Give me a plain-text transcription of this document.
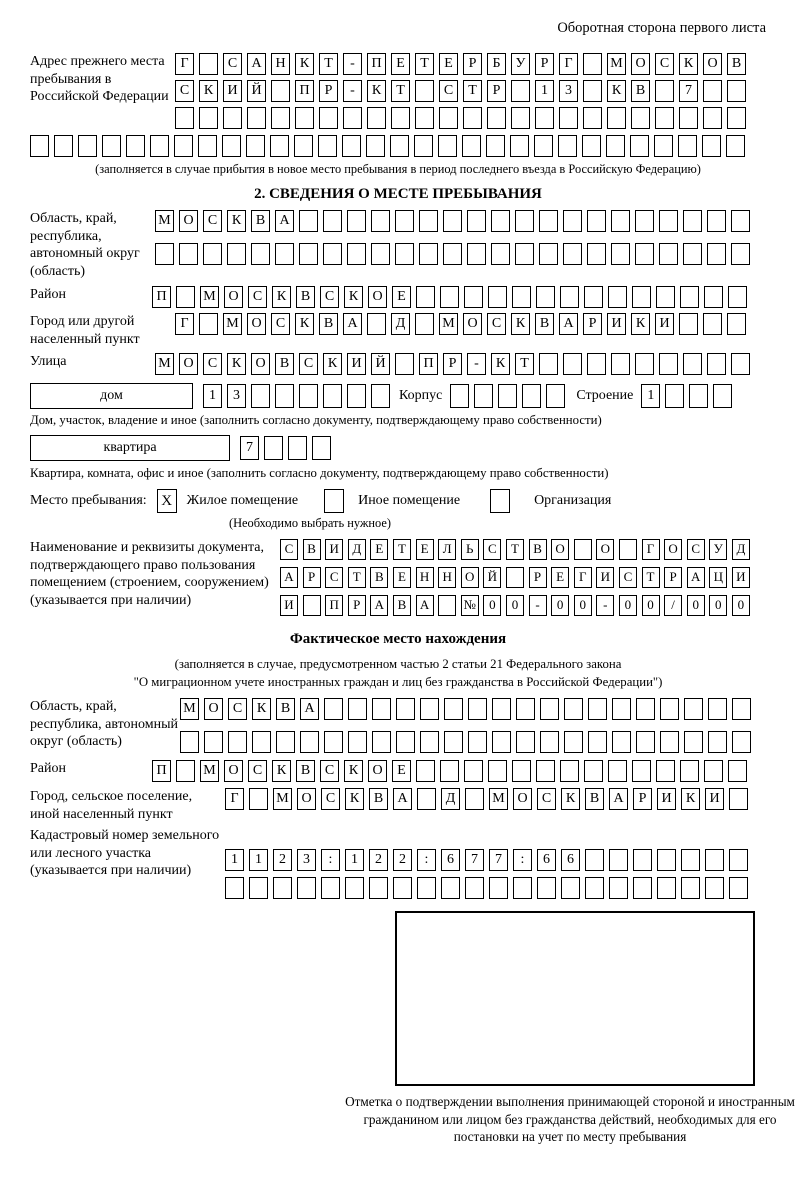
Оборотная сторона первого листа
Адрес прежнего места пребывания в Российской Федерации
Г	С	А Н	К	Т	-	П	Е	Т	Е	Р	Б	У	Р	Г	М О	С	К	О	В
С	К	И Й	П	Р	-	К	Т	С	Т	Р	1	3	К	В	7
(заполняется в случае прибытия в новое место пребывания в период последнего въезда в Российскую Федерацию)
2. СВЕДЕНИЯ О МЕСТЕ ПРЕБЫВАНИЯ
Область, край, республика, автономный округ (область)
М О	С	К	В	А
Район	П	М О	С	К	В	С	К	О	Е
Город или другой населенный пункт
Г	М О	С	К	В	А	Д	М О	С	К	В	А	Р	И	К	И
Улица	М О	С	К	О	В	С	К	И Й	П	Р	-	К	Т
дом	1	3	Корпус	Строение	1
Дом, участок, владение и иное (заполнить согласно документу, подтверждающему право собственности)
квартира	7
Квартира, комната, офис и иное (заполнить согласно документу, подтверждающему право собственности)
Место пребывания: X	Жилое помещение	Иное помещение	Организация
(Необходимо выбрать нужное)
Наименование и реквизиты документа, подтверждающего право пользования помещением (строением, сооружением) (указывается при наличии)
С	В	И	Д	Е	Т	Е	Л	Ь	С	Т	В	О	О	Г	О	С	У	Д
А	Р	С	Т	В	Е	Н	Н	О	Й	Р	Е	Г	И	С	Т	Р	А	Ц	И
И	П	Р	А	В	А	№	0	0	-	0	0	-	0	0	/	0	0	0
Фактическое место нахождения
(заполняется в случае, предусмотренном частью 2 статьи 21 Федерального закона
"О миграционном учете иностранных граждан и лиц без гражданства в Российской Федерации")
Область, край, республика, автономный округ (область)
М О	С	К	В	А
Район	П	М О	С	К	В	С	К	О	Е
Город, сельское поселение, иной населенный пункт
Г	М О	С	К	В	А	Д	М О	С	К	В	А	Р	И	К	И
Кадастровый номер земельного или лесного участка (указывается при наличии)
1	1	2	3	:	1	2	2	:	6	7	7	:	6	6
Отметка о подтверждении выполнения принимающей стороной и иностранным гражданином или лицом без гражданства действий, необходимых для его постановки на учет по месту пребывания
